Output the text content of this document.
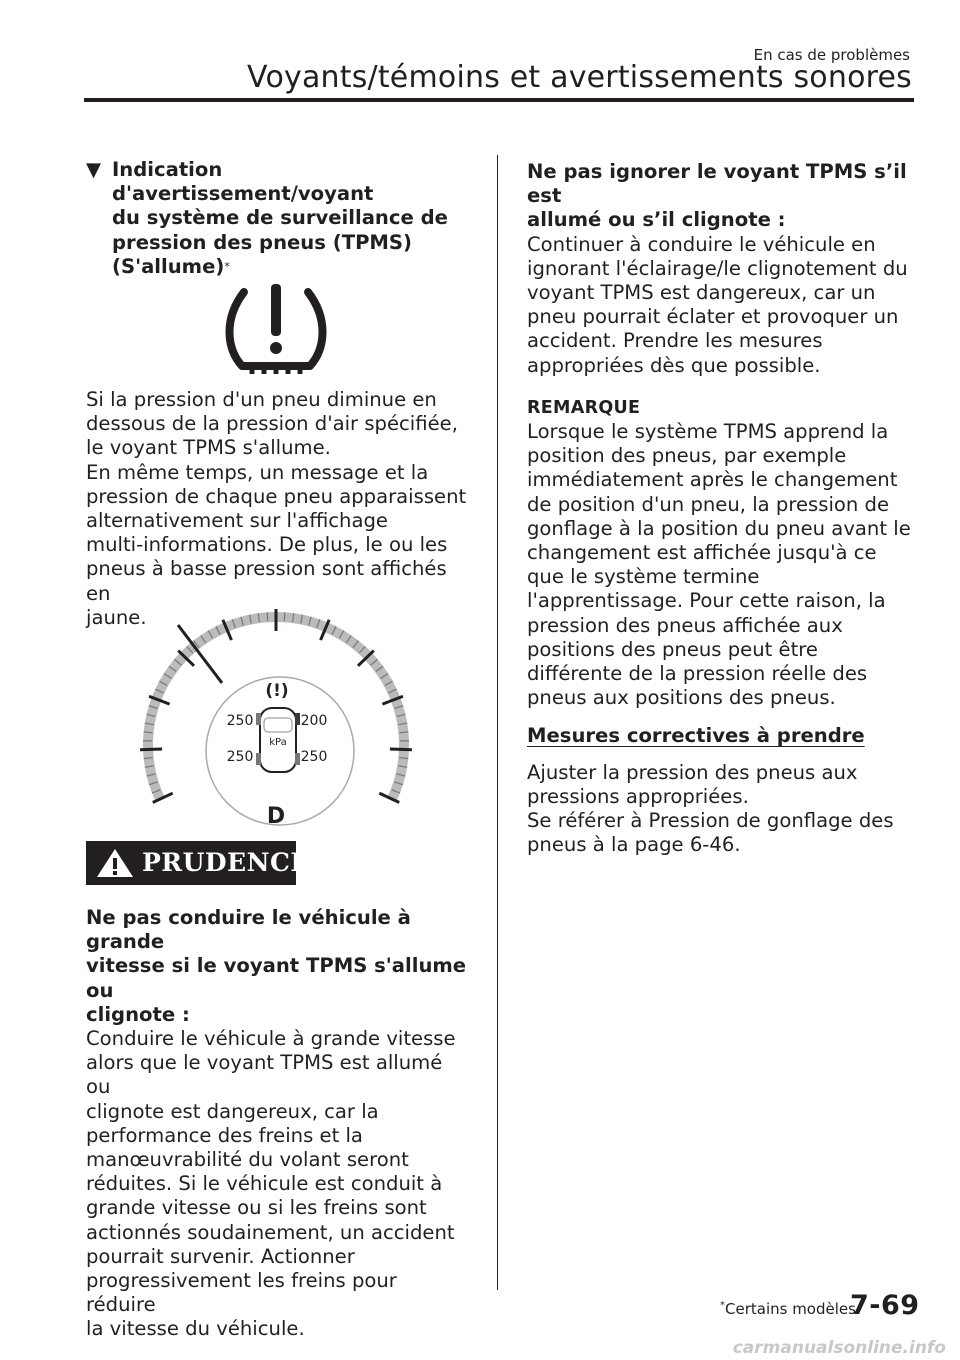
En cas de problèmes
Voyants/témoins et avertissements sonores
▼ Indication d'avertissement/voyant
du système de surveillance de
pression des pneus (TPMS)
(S'allume)*

Si la pression d'un pneu diminue en

dessous de la pression d'air spécifiée,

le voyant TPMS s'allume.

En même temps, un message et la

pression de chaque pneu apparaissent

alternativement sur l'affichage

multi-informations. De plus, le ou les

pneus à basse pression sont affichés en

jaune.

(!)
kPa
250	200
250	250
D
PRUDENCE

Ne pas conduire le véhicule à grande

vitesse si le voyant TPMS s'allume ou

clignote :

Conduire le véhicule à grande vitesse

alors que le voyant TPMS est allumé ou

clignote est dangereux, car la

performance des freins et la

manœuvrabilité du volant seront

réduites. Si le véhicule est conduit à

grande vitesse ou si les freins sont

actionnés soudainement, un accident

pourrait survenir. Actionner

progressivement les freins pour réduire

la vitesse du véhicule.

Ne pas ignorer le voyant TPMS s’il est

allumé ou s’il clignote :

Continuer à conduire le véhicule en

ignorant l'éclairage/le clignotement du

voyant TPMS est dangereux, car un

pneu pourrait éclater et provoquer un

accident. Prendre les mesures

appropriées dès que possible.

REMARQUE

Lorsque le système TPMS apprend la

position des pneus, par exemple

immédiatement après le changement

de position d'un pneu, la pression de

gonflage à la position du pneu avant le

changement est affichée jusqu'à ce

que le système termine

l'apprentissage. Pour cette raison, la

pression des pneus affichée aux

positions des pneus peut être

différente de la pression réelle des

pneus aux positions des pneus.

Mesures correctives à prendre

Ajuster la pression des pneus aux

pressions appropriées.

Se référer à Pression de gonflage des

pneus à la page 6-46.

*Certains modèles.
7-69
carmanualsonline.info
